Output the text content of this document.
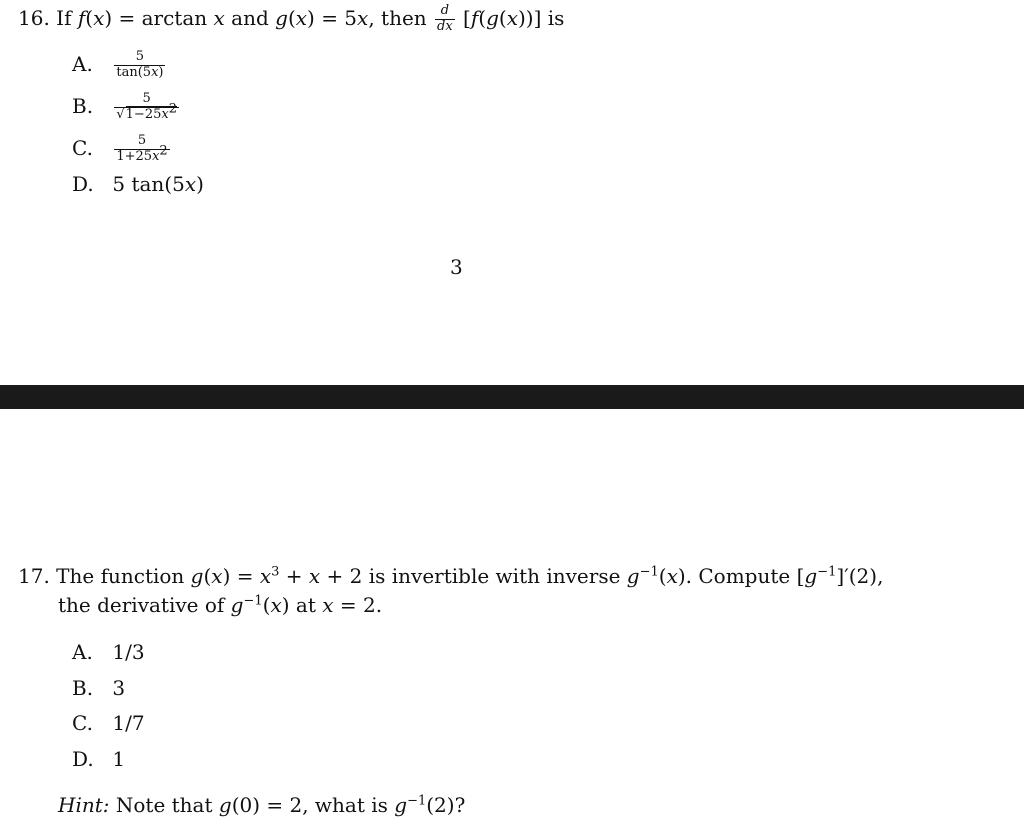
16. If f(x) = arctan x and g(x) = 5x, then $\frac{d}{dx} [f(g(x))]$ is
A. $\frac{5}{\tan(5x)}$
B. $\frac{5}{√1-25x^2}$
C. $\frac{5}{1+25x^2}$
D. 5 tan(5x)
3
17. The function $g(x) = x^3 + x + 2$ is invertible with inverse $g^{-1}(x)$. Compute $[g^{-1}]'(2)$,
the derivative of $g^{-1}(x)$ at x = 2.
A. 1/3
B. 3
C. 1/7
D. 1
Hint: Note that g(0) = 2, what is $g^{-1}(2)$?
